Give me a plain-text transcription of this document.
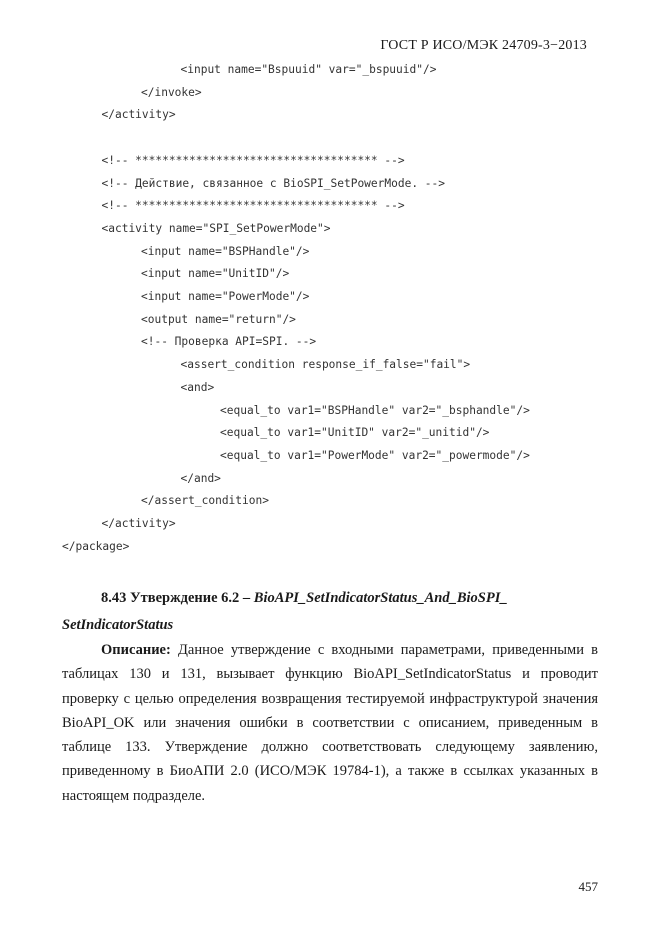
ГОСТ Р ИСО/МЭК 24709-3−2013
<input name="Bspuuid" var="_bspuuid"/>
</invoke>
</activity>
<!-- ************************************ -->
<!-- Действие, связанное с BioSPI_SetPowerMode. -->
<!-- ************************************ -->
<activity name="SPI_SetPowerMode">
<input name="BSPHandle"/>
<input name="UnitID"/>
<input name="PowerMode"/>
<output name="return"/>
<!-- Проверка API=SPI. -->
<assert_condition response_if_false="fail">
<and>
<equal_to var1="BSPHandle" var2="_bsphandle"/>
<equal_to var1="UnitID" var2="_unitid"/>
<equal_to var1="PowerMode" var2="_powermode"/>
</and>
</assert_condition>
</activity>
</package>
8.43 Утверждение 6.2 – BioAPI_SetIndicatorStatus_And_BioSPI_
SetIndicatorStatus
Описание: Данное утверждение с входными параметрами, приведенными в таблицах 130 и 131, вызывает функцию BioAPI_SetIndicatorStatus и проводит проверку с целью определения возвращения тестируемой инфраструктурой значения BioAPI_OK или значения ошибки в соответствии с описанием, приведенным в таблице 133. Утверждение должно соответствовать следующему заявлению, приведенному в БиоАПИ 2.0 (ИСО/МЭК 19784-1), а также в ссылках указанных в настоящем подразделе.
457
